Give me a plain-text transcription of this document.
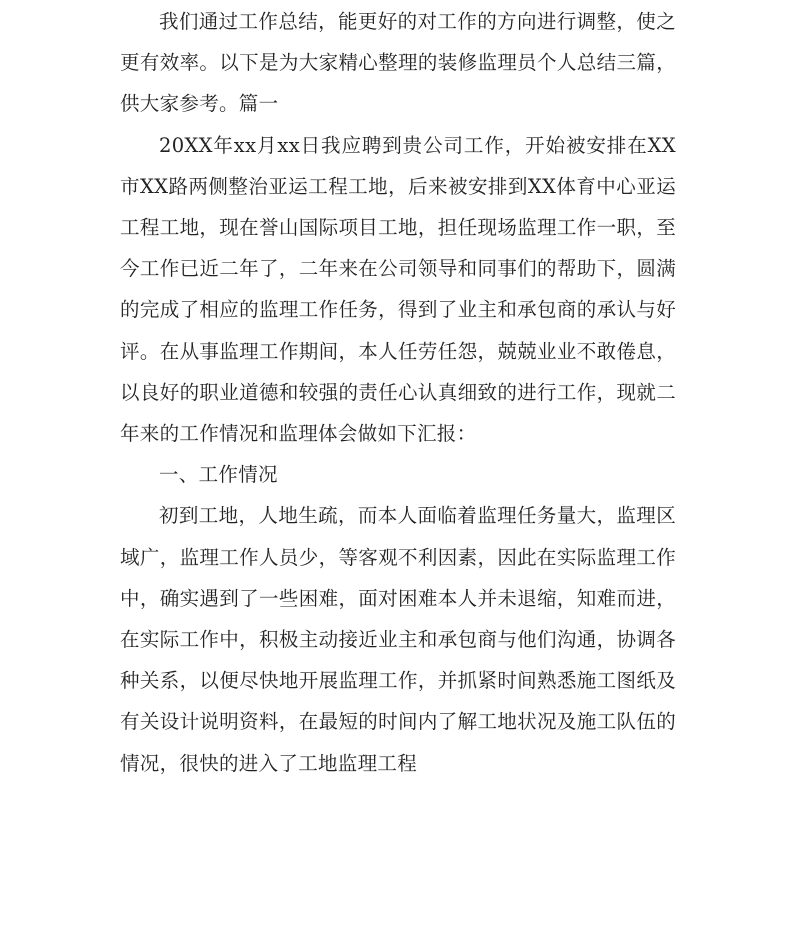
我们通过工作总结，能更好的对工作的方向进行调整，使之更有效率。以下是为大家精心整理的装修监理员个人总结三篇，供大家参考。篇一

20XX年xx月xx日我应聘到贵公司工作，开始被安排在XX市XX路两侧整治亚运工程工地，后来被安排到XX体育中心亚运工程工地，现在誉山国际项目工地，担任现场监理工作一职，至今工作已近二年了，二年来在公司领导和同事们的帮助下，圆满的完成了相应的监理工作任务，得到了业主和承包商的承认与好评。在从事监理工作期间，本人任劳任怨，兢兢业业不敢倦息，以良好的职业道德和较强的责任心认真细致的进行工作，现就二年来的工作情况和监理体会做如下汇报：

一、工作情况

初到工地，人地生疏，而本人面临着监理任务量大，监理区域广，监理工作人员少，等客观不利因素，因此在实际监理工作中，确实遇到了一些困难，面对困难本人并未退缩，知难而进，在实际工作中，积极主动接近业主和承包商与他们沟通，协调各种关系，以便尽快地开展监理工作，并抓紧时间熟悉施工图纸及有关设计说明资料，在最短的时间内了解工地状况及施工队伍的情况，很快的进入了工地监理工程
